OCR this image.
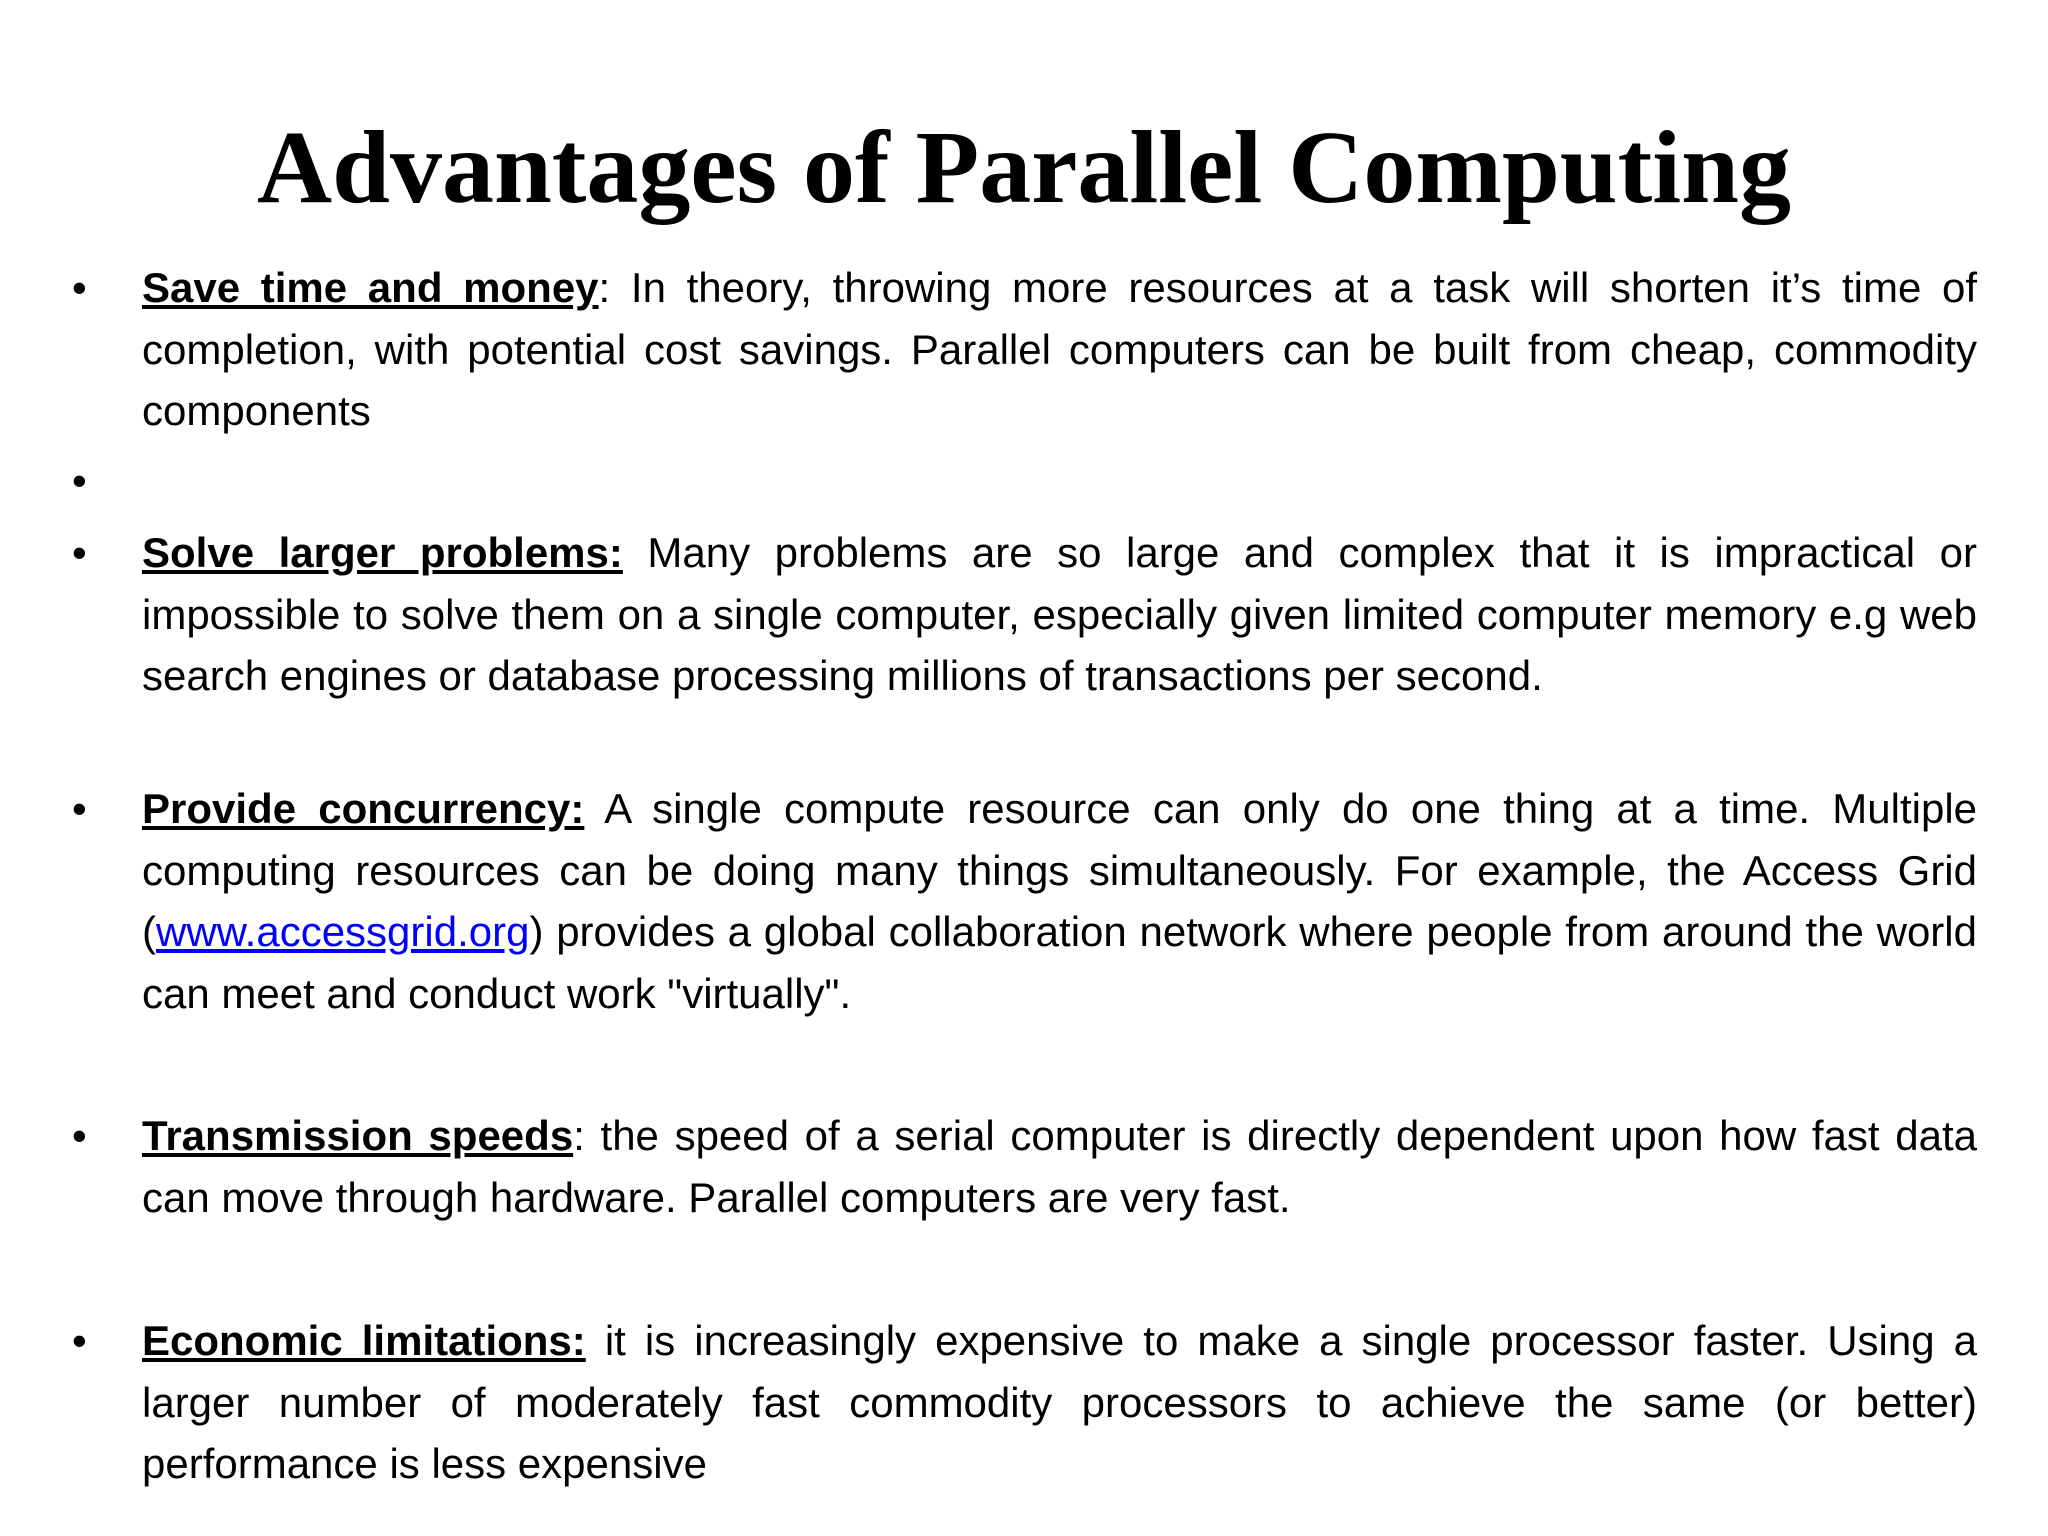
Advantages of Parallel Computing
•	Save time and money: In theory, throwing more resources at a task will shorten it’s time of completion, with potential cost savings. Parallel computers can be built from cheap, commodity components
•
•	Solve larger problems: Many problems are so large and complex that it is impractical or impossible to solve them on a single computer, especially given limited computer memory e.g web search engines or database processing millions of transactions per second.
•	Provide concurrency: A single compute resource can only do one thing at a time. Multiple computing resources can be doing many things simultaneously. For example, the Access Grid (www.accessgrid.org) provides a global collaboration network where people from around the world can meet and conduct work "virtually".
•	Transmission speeds: the speed of a serial computer is directly dependent upon how fast data can move through hardware. Parallel computers are very fast.
•	Economic limitations: it is increasingly expensive to make a single processor faster. Using a larger number of moderately fast commodity processors to achieve the same (or better) performance is less expensive
